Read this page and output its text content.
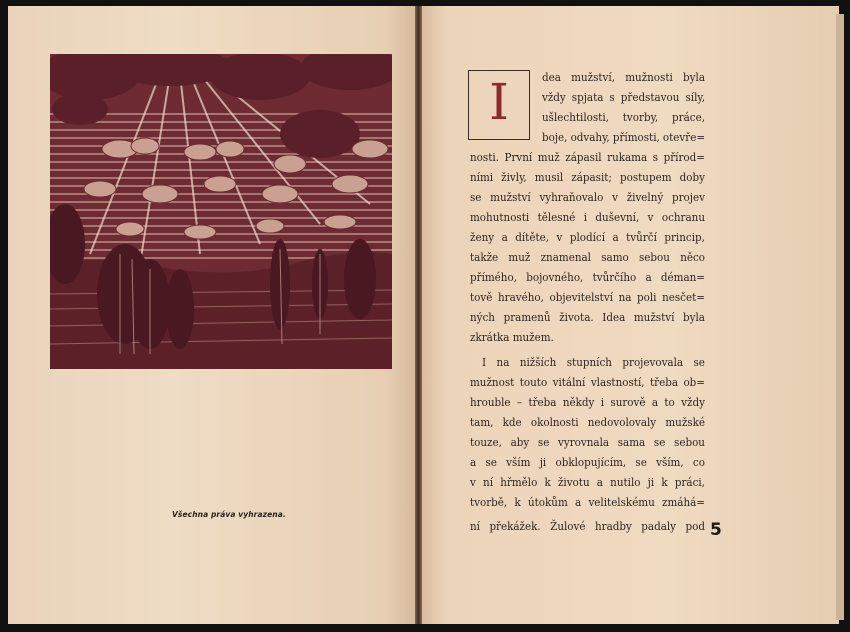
Všechna práva vyhrazena.
I	dea mužství, mužnosti byla
vždy spjata s představou síly,
ušlechtilosti, tvorby, práce,
boje, odvahy, přímosti, otevře=
nosti. První muž zápasil rukama s přírod=
ními živly, musil zápasit; postupem doby
se mužství vyhraňovalo v živelný projev
mohutnosti tělesné i duševní, v ochranu
ženy a dítěte, v plodící a tvůrčí princip,
takže muž znamenal samo sebou něco
přímého, bojovného, tvůrčího a déman=
tově hravého, objevitelství na poli nesčet=
ných pramenů života. Idea mužství byla
zkrátka mužem.
I na nižších stupních projevovala se
mužnost touto vitální vlastností, třeba ob=
hrouble – třeba někdy i surově a to vždy
tam, kde okolnosti nedovolovaly mužské
touze, aby se vyrovnala sama se sebou
a se vším ji obklopujícím, se vším, co
v ní hřmělo k životu a nutilo ji k práci,
tvorbě, k útokům a velitelskému zmáhá=
ní překážek. Žulové hradby padaly pod 5
